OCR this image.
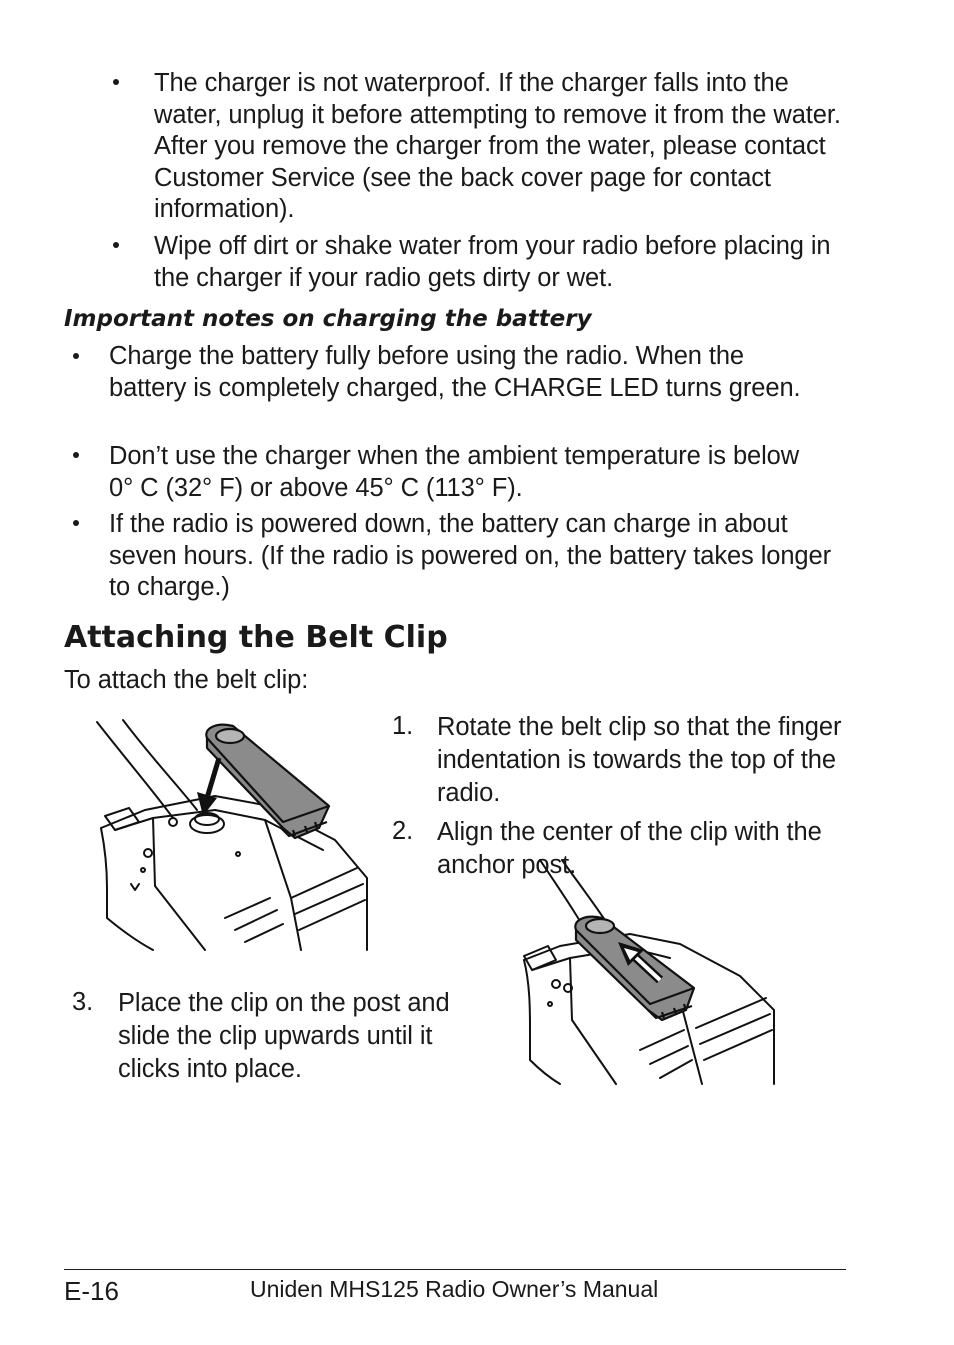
The charger is not waterproof. If the charger falls into the water, unplug it before attempting to remove it from the water. After you remove the charger from the water, please contact Customer Service (see the back cover page for contact information).
Wipe off dirt or shake water from your radio before placing in the charger if your radio gets dirty or wet.
Important notes on charging the battery
Charge the battery fully before using the radio. When the battery is completely charged, the CHARGE LED turns green.
Don’t use the charger when the ambient temperature is below 0° C (32° F) or above 45° C (113° F).
If the radio is powered down, the battery can charge in about seven hours. (If the radio is powered on, the battery takes longer to charge.)
Attaching the Belt Clip
To attach the belt clip:
1. Rotate the belt clip so that the finger indentation is towards the top of the radio.
2. Align the center of the clip with the anchor post.
3. Place the clip on the post and slide the clip upwards until it clicks into place.
E-16	Uniden MHS125 Radio Owner’s Manual
